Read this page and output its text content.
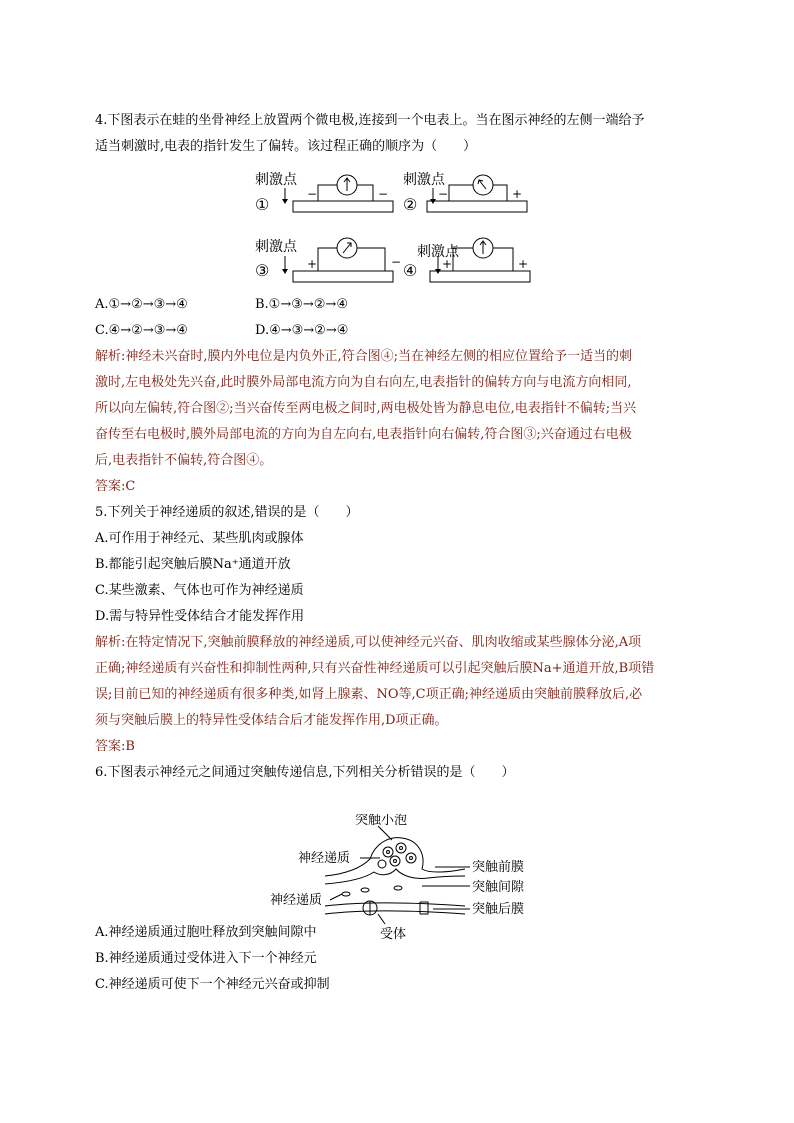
4.下图表示在蛙的坐骨神经上放置两个微电极,连接到一个电表上。当在图示神经的左侧一端给予
适当刺激时,电表的指针发生了偏转。该过程正确的顺序为（　　）
刺激点	刺激点
刺激点	刺激点
①	②
③	④
−	−	−	+
+	−	+	+
A.①→②→③→④	B.①→③→②→④
C.④→②→③→④	D.④→③→②→④
解析:神经未兴奋时,膜内外电位是内负外正,符合图④;当在神经左侧的相应位置给予一适当的刺
激时,左电极处先兴奋,此时膜外局部电流方向为自右向左,电表指针的偏转方向与电流方向相同,
所以向左偏转,符合图②;当兴奋传至两电极之间时,两电极处皆为静息电位,电表指针不偏转;当兴
奋传至右电极时,膜外局部电流的方向为自左向右,电表指针向右偏转,符合图③;兴奋通过右电极
后,电表指针不偏转,符合图④。
答案:C
5.下列关于神经递质的叙述,错误的是（　　）
A.可作用于神经元、某些肌肉或腺体
B.都能引起突触后膜Na⁺通道开放
C.某些激素、气体也可作为神经递质
D.需与特异性受体结合才能发挥作用
解析:在特定情况下,突触前膜释放的神经递质,可以使神经元兴奋、肌肉收缩或某些腺体分泌,A项
正确;神经递质有兴奋性和抑制性两种,只有兴奋性神经递质可以引起突触后膜Na+通道开放,B项错
误;目前已知的神经递质有很多种类,如肾上腺素、NO等,C项正确;神经递质由突触前膜释放后,必
须与突触后膜上的特异性受体结合后才能发挥作用,D项正确。
答案:B
6.下图表示神经元之间通过突触传递信息,下列相关分析错误的是（　　）
A.神经递质通过胞吐释放到突触间隙中
B.神经递质通过受体进入下一个神经元
C.神经递质可使下一个神经元兴奋或抑制
突触小泡
神经递质
神经递质
突触前膜
突触间隙
突触后膜
受体
